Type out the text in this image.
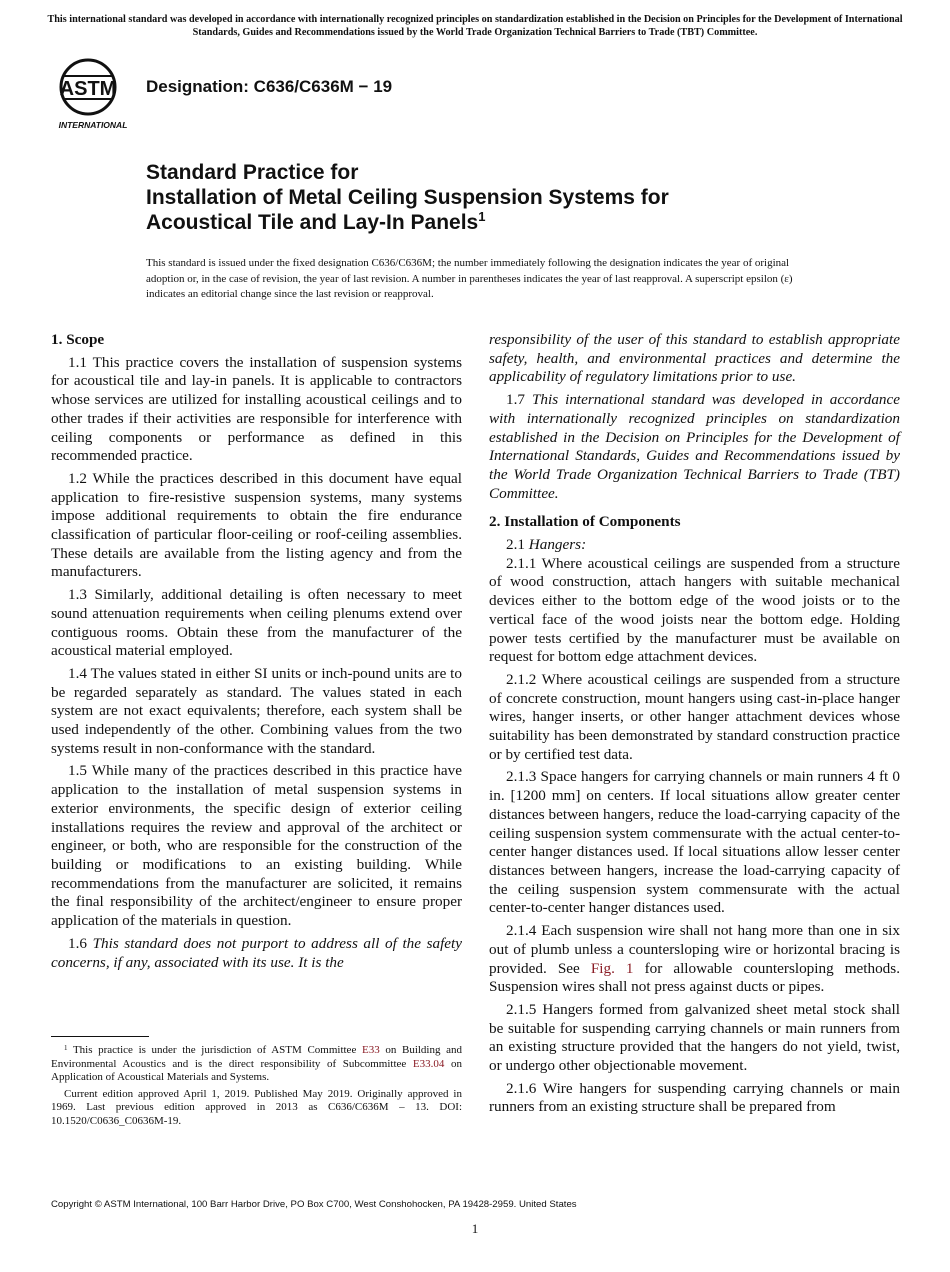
This international standard was developed in accordance with internationally recognized principles on standardization established in the Decision on Principles for the Development of International Standards, Guides and Recommendations issued by the World Trade Organization Technical Barriers to Trade (TBT) Committee.
ASTM
INTERNATIONAL
Designation: C636/C636M − 19
Standard Practice for
Installation of Metal Ceiling Suspension Systems for
Acoustical Tile and Lay-In Panels$^1$
This standard is issued under the fixed designation C636/C636M; the number immediately following the designation indicates the year of original adoption or, in the case of revision, the year of last revision. A number in parentheses indicates the year of last reapproval. A superscript epsilon (ε) indicates an editorial change since the last revision or reapproval.
1. Scope

1.1 This practice covers the installation of suspension systems for acoustical tile and lay-in panels. It is applicable to contractors whose services are utilized for installing acoustical ceilings and to other trades if their activities are responsible for interference with ceiling components or performance as defined in this recommended practice.

1.2 While the practices described in this document have equal application to fire-resistive suspension systems, many systems impose additional requirements to obtain the fire endurance classification of particular floor-ceiling or roof-ceiling assemblies. These details are available from the listing agency and from the manufacturers.

1.3 Similarly, additional detailing is often necessary to meet sound attenuation requirements when ceiling plenums extend over contiguous rooms. Obtain these from the manufacturer of the acoustical material employed.

1.4 The values stated in either SI units or inch-pound units are to be regarded separately as standard. The values stated in each system are not exact equivalents; therefore, each system shall be used independently of the other. Combining values from the two systems result in non-conformance with the standard.

1.5 While many of the practices described in this practice have application to the installation of metal suspension systems in exterior environments, the specific design of exterior ceiling installations requires the review and approval of the architect or engineer, or both, who are responsible for the construction of the building or modifications to an existing building. While recommendations from the manufacturer are solicited, it remains the final responsibility of the architect/engineer to ensure proper application of the materials in question.

1.6 This standard does not purport to address all of the safety concerns, if any, associated with its use. It is the

responsibility of the user of this standard to establish appropriate safety, health, and environmental practices and determine the applicability of regulatory limitations prior to use.

1.7 This international standard was developed in accordance with internationally recognized principles on standardization established in the Decision on Principles for the Development of International Standards, Guides and Recommendations issued by the World Trade Organization Technical Barriers to Trade (TBT) Committee.

2. Installation of Components

2.1 Hangers:

2.1.1 Where acoustical ceilings are suspended from a structure of wood construction, attach hangers with suitable mechanical devices either to the bottom edge of the wood joists or to the vertical face of the wood joists near the bottom edge. Holding power tests certified by the manufacturer must be available on request for bottom edge attachment devices.

2.1.2 Where acoustical ceilings are suspended from a structure of concrete construction, mount hangers using cast-in-place hanger wires, hanger inserts, or other hanger attachment devices whose suitability has been demonstrated by standard construction practice or by certified test data.

2.1.3 Space hangers for carrying channels or main runners 4 ft 0 in. [1200 mm] on centers. If local situations allow greater center distances between hangers, reduce the load-carrying capacity of the ceiling suspension system commensurate with the actual center-to-center hanger distances used. If local situations allow lesser center distances between hangers, increase the load-carrying capacity of the ceiling suspension system commensurate with the actual center-to-center hanger distances used.

2.1.4 Each suspension wire shall not hang more than one in six out of plumb unless a countersloping wire or horizontal bracing is provided. See Fig. 1 for allowable countersloping methods. Suspension wires shall not press against ducts or pipes.

2.1.5 Hangers formed from galvanized sheet metal stock shall be suitable for suspending carrying channels or main runners from an existing structure provided that the hangers do not yield, twist, or undergo other objectionable movement.

2.1.6 Wire hangers for suspending carrying channels or main runners from an existing structure shall be prepared from

$^1$ This practice is under the jurisdiction of ASTM Committee E33 on Building and Environmental Acoustics and is the direct responsibility of Subcommittee E33.04 on Application of Acoustical Materials and Systems.

Current edition approved April 1, 2019. Published May 2019. Originally approved in 1969. Last previous edition approved in 2013 as C636/C636M – 13. DOI: 10.1520/C0636_C0636M-19.

Copyright © ASTM International, 100 Barr Harbor Drive, PO Box C700, West Conshohocken, PA 19428-2959. United States
1
